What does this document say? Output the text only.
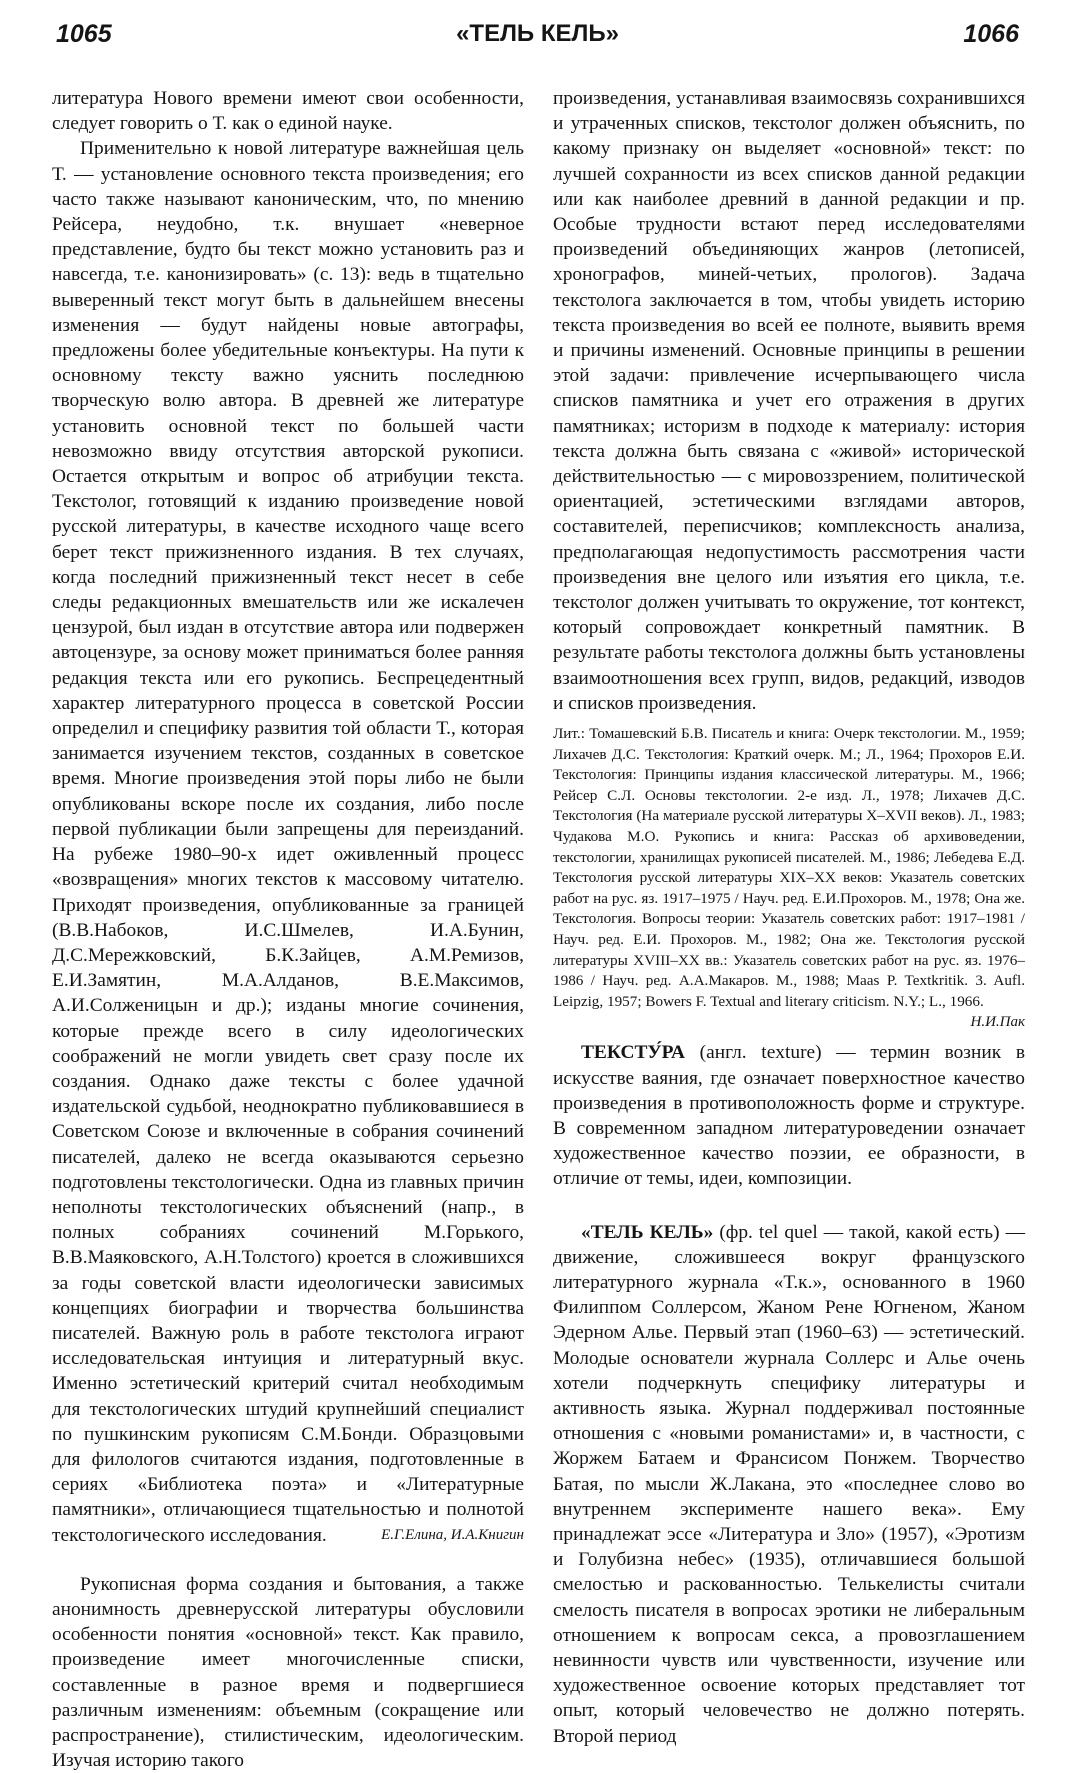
1065	«ТЕЛЬ КЕЛЬ»	1066

литература Нового времени имеют свои особенности, следует говорить о Т. как о единой науке.

Применительно к новой литературе важнейшая цель Т. — установление основного текста произведения; его часто также называют каноническим, что, по мнению Рейсера, неудобно, т.к. внушает «неверное представление, будто бы текст можно установить раз и навсегда, т.е. канонизировать» (с. 13): ведь в тщательно выверенный текст могут быть в дальнейшем внесены изменения — будут найдены новые автографы, предложены более убедительные конъектуры. На пути к основному тексту важно уяснить последнюю творческую волю автора. В древней же литературе установить основной текст по большей части невозможно ввиду отсутствия авторской рукописи. Остается открытым и вопрос об атрибуции текста. Текстолог, готовящий к изданию произведение новой русской литературы, в качестве исходного чаще всего берет текст прижизненного издания. В тех случаях, когда последний прижизненный текст несет в себе следы редакционных вмешательств или же искалечен цензурой, был издан в отсутствие автора или подвержен автоцензуре, за основу может приниматься более ранняя редакция текста или его рукопись. Беспрецедентный характер литературного процесса в советской России определил и специфику развития той области Т., которая занимается изучением текстов, созданных в советское время. Многие произведения этой поры либо не были опубликованы вскоре после их создания, либо после первой публикации были запрещены для переизданий. На рубеже 1980–90-х идет оживленный процесс «возвращения» многих текстов к массовому читателю. Приходят произведения, опубликованные за границей (В.В.Набоков, И.С.Шмелев, И.А.Бунин, Д.С.Мережковский, Б.К.Зайцев, А.М.Ремизов, Е.И.Замятин, М.А.Алданов, В.Е.Максимов, А.И.Солженицын и др.); изданы многие сочинения, которые прежде всего в силу идеологических соображений не могли увидеть свет сразу после их создания. Однако даже тексты с более удачной издательской судьбой, неоднократно публиковавшиеся в Советском Союзе и включенные в собрания сочинений писателей, далеко не всегда оказываются серьезно подготовлены текстологически. Одна из главных причин неполноты текстологических объяснений (напр., в полных собраниях сочинений М.Горького, В.В.Маяковского, А.Н.Толстого) кроется в сложившихся за годы советской власти идеологически зависимых концепциях биографии и творчества большинства писателей. Важную роль в работе текстолога играют исследовательская интуиция и литературный вкус. Именно эстетический критерий считал необходимым для текстологических штудий крупнейший специалист по пушкинским рукописям С.М.Бонди. Образцовыми для филологов считаются издания, подготовленные в сериях «Библиотека поэта» и «Литературные памятники», отличающиеся тщательностью и полнотой текстологического исследования.	Е.Г.Елина, И.А.Книгин

Рукописная форма создания и бытования, а также анонимность древнерусской литературы обусловили особенности понятия «основной» текст. Как правило, произведение имеет многочисленные списки, составленные в разное время и подвергшиеся различным изменениям: объемным (сокращение или распространение), стилистическим, идеологическим. Изучая историю такого

произведения, устанавливая взаимосвязь сохранившихся и утраченных списков, текстолог должен объяснить, по какому признаку он выделяет «основной» текст: по лучшей сохранности из всех списков данной редакции или как наиболее древний в данной редакции и пр. Особые трудности встают перед исследователями произведений объединяющих жанров (летописей, хронографов, миней-четьих, прологов). Задача текстолога заключается в том, чтобы увидеть историю текста произведения во всей ее полноте, выявить время и причины изменений. Основные принципы в решении этой задачи: привлечение исчерпывающего числа списков памятника и учет его отражения в других памятниках; историзм в подходе к материалу: история текста должна быть связана с «живой» исторической действительностью — с мировоззрением, политической ориентацией, эстетическими взглядами авторов, составителей, переписчиков; комплексность анализа, предполагающая недопустимость рассмотрения части произведения вне целого или изъятия его цикла, т.е. текстолог должен учитывать то окружение, тот контекст, который сопровождает конкретный памятник. В результате работы текстолога должны быть установлены взаимоотношения всех групп, видов, редакций, изводов и списков произведения.

Лит.: Томашевский Б.В. Писатель и книга: Очерк текстологии. М., 1959; Лихачев Д.С. Текстология: Краткий очерк. М.; Л., 1964; Прохоров Е.И. Текстология: Принципы издания классической литературы. М., 1966; Рейсер С.Л. Основы текстологии. 2-е изд. Л., 1978; Лихачев Д.С. Текстология (На материале русской литературы X–XVII веков). Л., 1983; Чудакова М.О. Рукопись и книга: Рассказ об архивоведении, текстологии, хранилищах рукописей писателей. М., 1986; Лебедева Е.Д. Текстология русской литературы XIX–XX веков: Указатель советских работ на рус. яз. 1917–1975 / Науч. ред. Е.И.Прохоров. М., 1978; Она же. Текстология. Вопросы теории: Указатель советских работ: 1917–1981 / Науч. ред. Е.И. Прохоров. М., 1982; Она же. Текстология русской литературы XVIII–XX вв.: Указатель советских работ на рус. яз. 1976–1986 / Науч. ред. А.А.Макаров. М., 1988; Maas P. Textkritik. 3. Aufl. Leipzig, 1957; Bowers F. Textual and literary criticism. N.Y.; L., 1966.
Н.И.Пак

ТЕКСТУ́РА (англ. texture) — термин возник в искусстве ваяния, где означает поверхностное качество произведения в противоположность форме и структуре. В современном западном литературоведении означает художественное качество поэзии, ее образности, в отличие от темы, идеи, композиции.

«ТЕЛЬ КЕЛЬ» (фр. tel quel — такой, какой есть) — движение, сложившееся вокруг французского литературного журнала «Т.к.», основанного в 1960 Филиппом Соллерсом, Жаном Рене Югненом, Жаном Эдерном Алье. Первый этап (1960–63) — эстетический. Молодые основатели журнала Соллерс и Алье очень хотели подчеркнуть специфику литературы и активность языка. Журнал поддерживал постоянные отношения с «новыми романистами» и, в частности, с Жоржем Батаем и Франсисом Понжем. Творчество Батая, по мысли Ж.Лакана, это «последнее слово во внутреннем эксперименте нашего века». Ему принадлежат эссе «Литература и Зло» (1957), «Эротизм и Голубизна небес» (1935), отличавшиеся большой смелостью и раскованностью. Телькелисты считали смелость писателя в вопросах эротики не либеральным отношением к вопросам секса, а провозглашением невинности чувств или чувственности, изучение или художественное освоение которых представляет тот опыт, который человечество не должно потерять. Второй период
